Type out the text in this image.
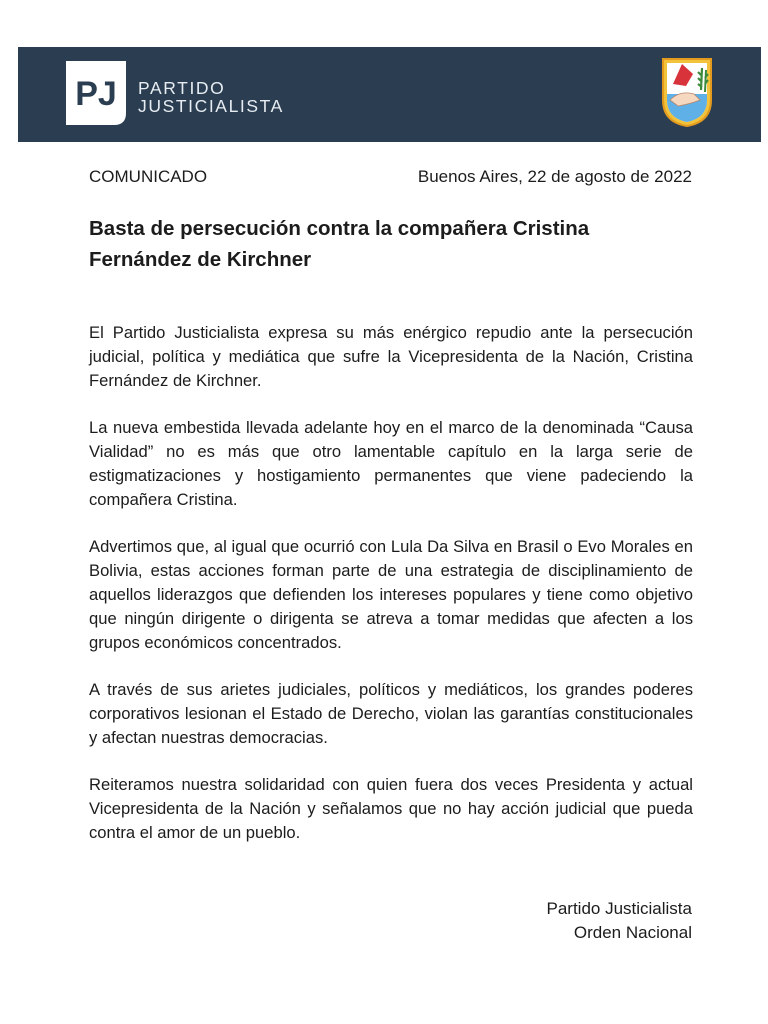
PJ PARTIDO
JUSTICIALISTA
COMUNICADO	Buenos Aires, 22 de agosto de 2022
Basta de persecución contra la compañera Cristina Fernández de Kirchner

El Partido Justicialista expresa su más enérgico repudio ante la persecución judicial, política y mediática que sufre la Vicepresidenta de la Nación, Cristina Fernández de Kirchner.

La nueva embestida llevada adelante hoy en el marco de la denominada “Causa Vialidad” no es más que otro lamentable capítulo en la larga serie de estigmatizaciones y hostigamiento permanentes que viene padeciendo la compañera Cristina.

Advertimos que, al igual que ocurrió con Lula Da Silva en Brasil o Evo Morales en Bolivia, estas acciones forman parte de una estrategia de disciplinamiento de aquellos liderazgos que defienden los intereses populares y tiene como objetivo que ningún dirigente o dirigenta se atreva a tomar medidas que afecten a los grupos económicos concentrados.

A través de sus arietes judiciales, políticos y mediáticos, los grandes poderes corporativos lesionan el Estado de Derecho, violan las garantías constitucionales y afectan nuestras democracias.

Reiteramos nuestra solidaridad con quien fuera dos veces Presidenta y actual Vicepresidenta de la Nación y señalamos que no hay acción judicial que pueda contra el amor de un pueblo.

Partido Justicialista
Orden Nacional
